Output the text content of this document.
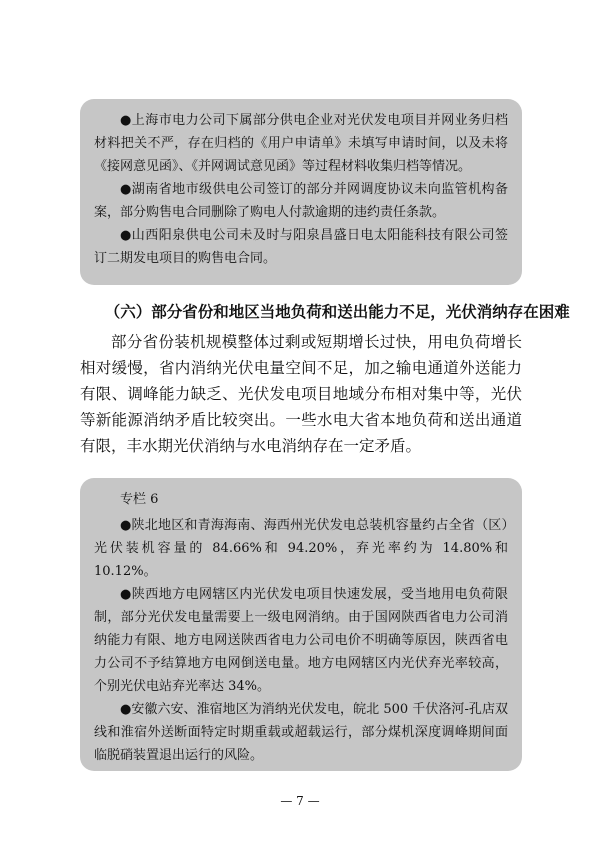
●上海市电力公司下属部分供电企业对光伏发电项目并网业务归档材料把关不严，存在归档的《用户申请单》未填写申请时间，以及未将《接网意见函》、《并网调试意见函》等过程材料收集归档等情况。

●湖南省地市级供电公司签订的部分并网调度协议未向监管机构备案，部分购售电合同删除了购电人付款逾期的违约责任条款。

●山西阳泉供电公司未及时与阳泉昌盛日电太阳能科技有限公司签订二期发电项目的购售电合同。

（六）部分省份和地区当地负荷和送出能力不足，光伏消纳存在困难

部分省份装机规模整体过剩或短期增长过快，用电负荷增长相对缓慢，省内消纳光伏电量空间不足，加之输电通道外送能力有限、调峰能力缺乏、光伏发电项目地域分布相对集中等，光伏等新能源消纳矛盾比较突出。一些水电大省本地负荷和送出通道有限，丰水期光伏消纳与水电消纳存在一定矛盾。

专栏 6

●陕北地区和青海海南、海西州光伏发电总装机容量约占全省（区）光伏装机容量的 84.66%和 94.20%，弃光率约为 14.80%和 10.12%。

●陕西地方电网辖区内光伏发电项目快速发展，受当地用电负荷限制，部分光伏发电量需要上一级电网消纳。由于国网陕西省电力公司消纳能力有限、地方电网送陕西省电力公司电价不明确等原因，陕西省电力公司不予结算地方电网倒送电量。地方电网辖区内光伏弃光率较高，个别光伏电站弃光率达 34%。

●安徽六安、淮宿地区为消纳光伏发电，皖北 500 千伏洛河-孔店双线和淮宿外送断面特定时期重载或超载运行，部分煤机深度调峰期间面临脱硝装置退出运行的风险。

— 7 —
